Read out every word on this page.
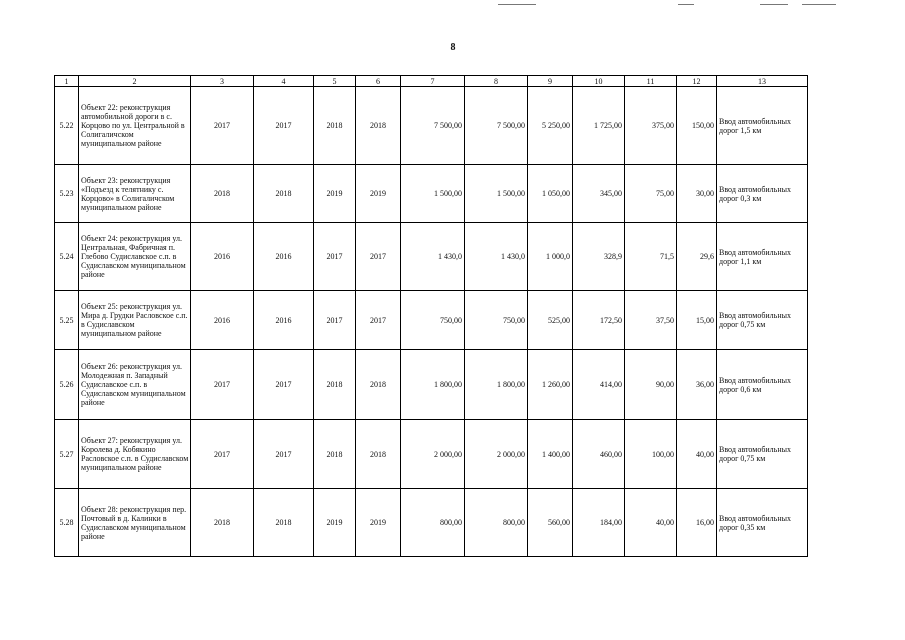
8
1	2	3	4	5	6	7	8	9	10	11	12	13
5.22	Объект 22: реконструкция автомобильной дороги в с. Корцово по ул. Центральной в Солигаличском муниципальном районе	2017	2017	2018	2018	7 500,00	7 500,00	5 250,00	1 725,00	375,00	150,00	Ввод автомобильных дорог 1,5 км
5.23	Объект 23: реконструкция «Подъезд к телятнику с. Корцово» в Солигаличском муниципальном районе	2018	2018	2019	2019	1 500,00	1 500,00	1 050,00	345,00	75,00	30,00	Ввод автомобильных дорог 0,3 км
5.24	Объект 24: реконструкция ул. Центральная, Фабричная п. Глебово Судиславское с.п. в Судиславском муниципальном районе	2016	2016	2017	2017	1 430,0	1 430,0	1 000,0	328,9	71,5	29,6	Ввод автомобильных дорог 1,1 км
5.25	Объект 25: реконструкция ул. Мира д. Грудки Расловское с.п. в Судиславском муниципальном районе	2016	2016	2017	2017	750,00	750,00	525,00	172,50	37,50	15,00	Ввод автомобильных дорог 0,75 км
5.26	Объект 26: реконструкция ул. Молодежная п. Западный Судиславское с.п. в Судиславском муниципальном районе	2017	2017	2018	2018	1 800,00	1 800,00	1 260,00	414,00	90,00	36,00	Ввод автомобильных дорог 0,6 км
5.27	Объект 27: реконструкция ул. Королева д. Кобякино Расловское с.п. в Судиславском муниципальном районе	2017	2017	2018	2018	2 000,00	2 000,00	1 400,00	460,00	100,00	40,00	Ввод автомобильных дорог 0,75 км
5.28	Объект 28: реконструкция пер. Почтовый в д. Калинки в Судиславском муниципальном районе	2018	2018	2019	2019	800,00	800,00	560,00	184,00	40,00	16,00	Ввод автомобильных дорог 0,35 км
